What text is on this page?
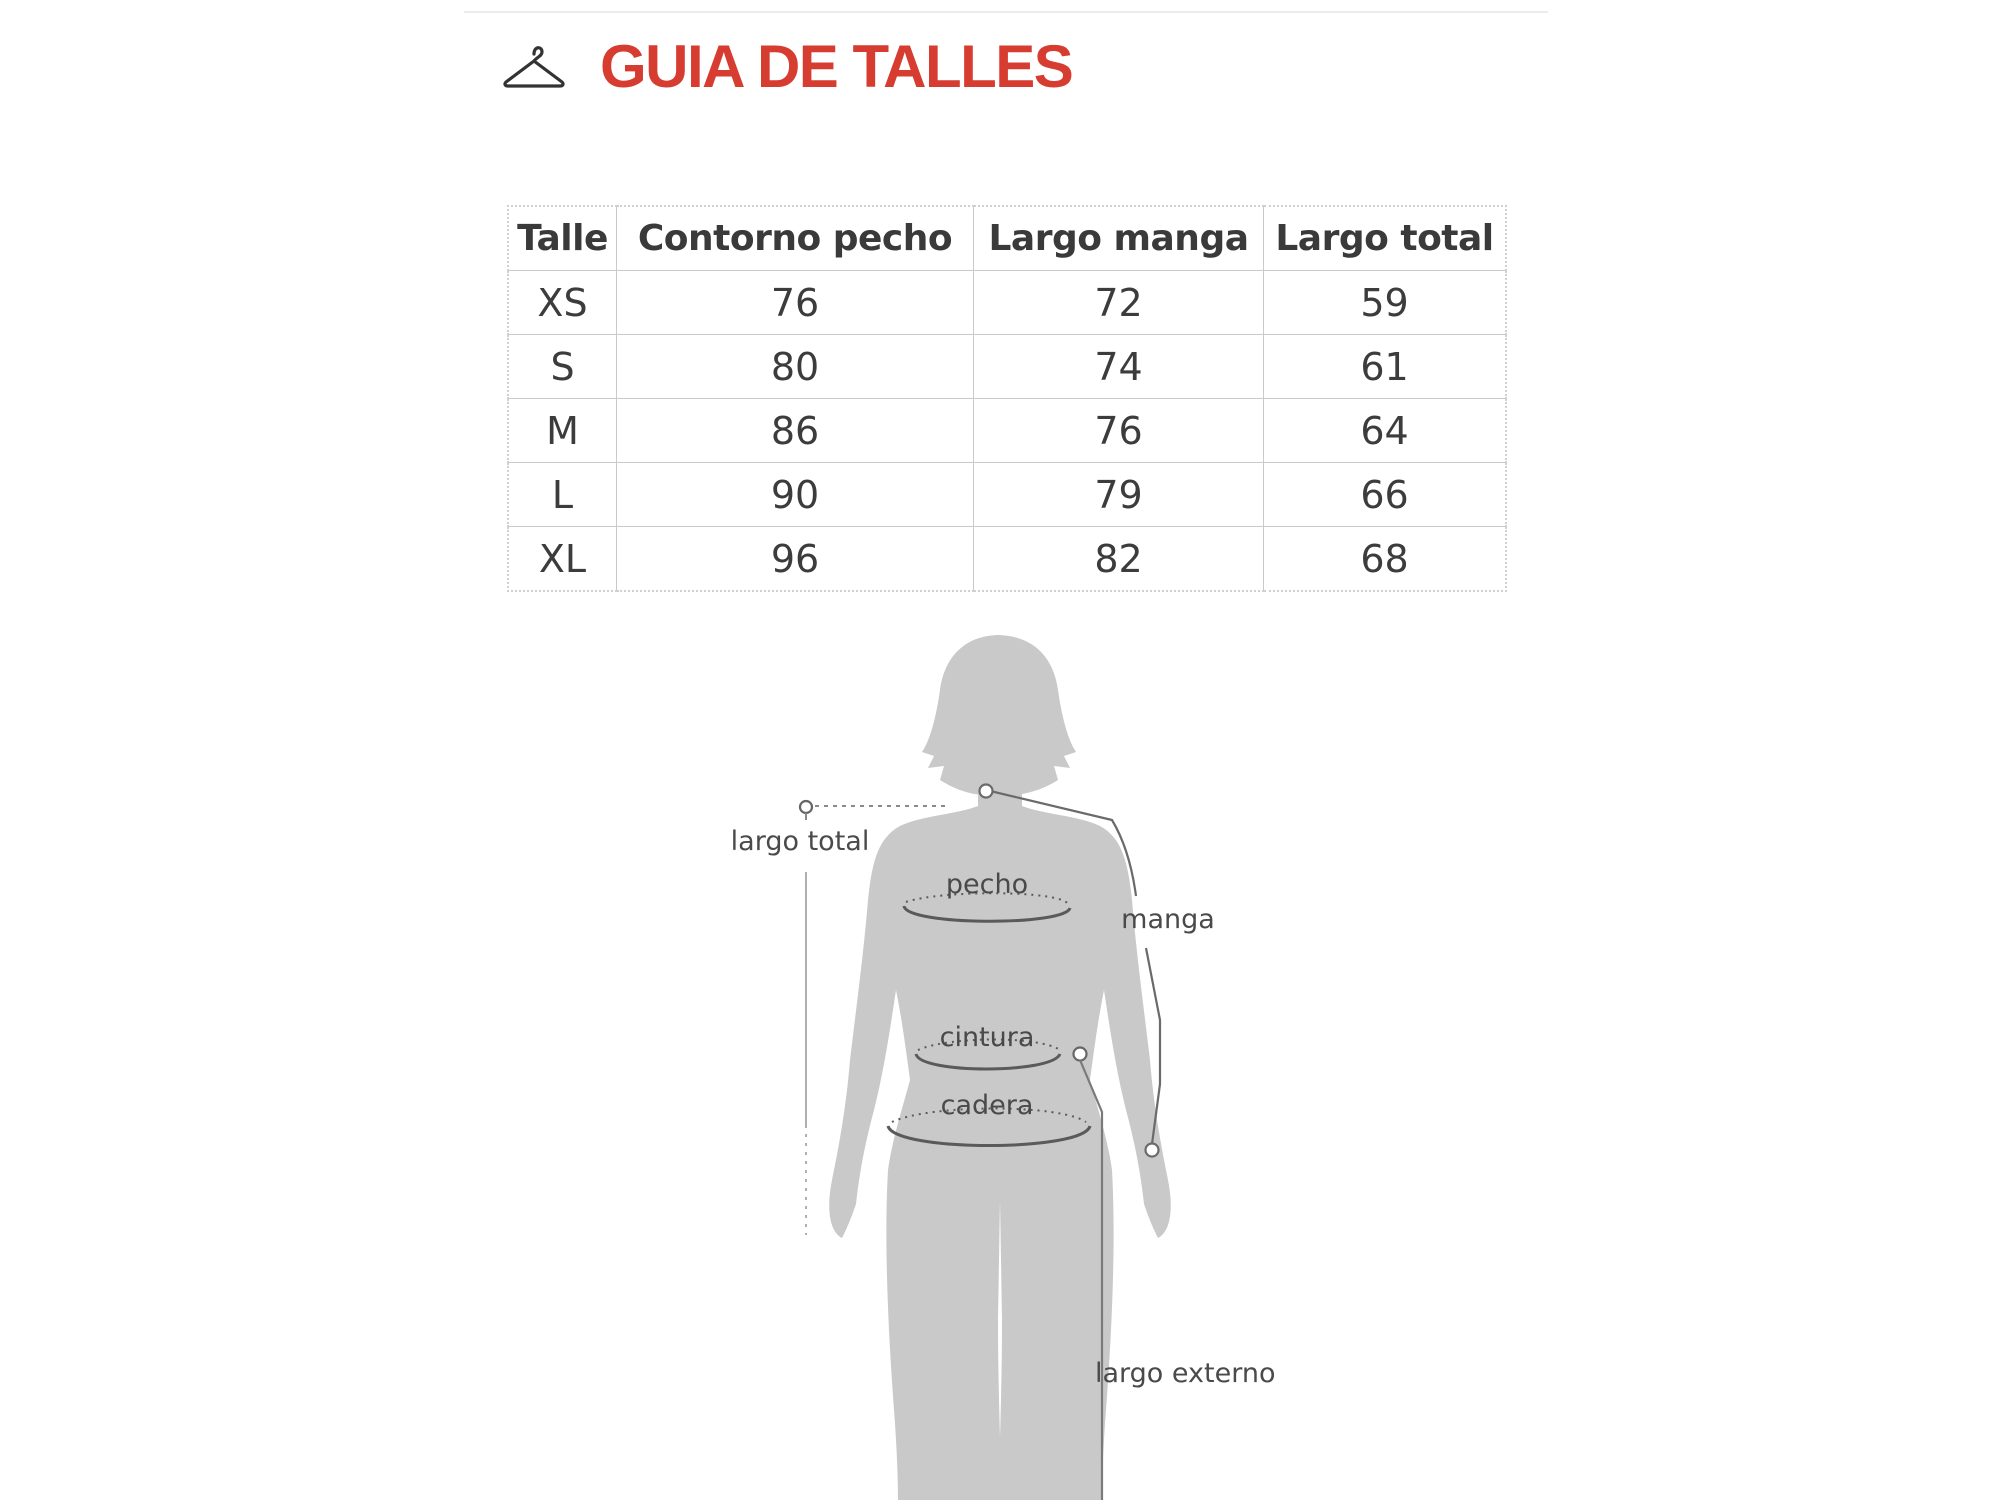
GUIA DE TALLES
Talle	Contorno pecho	Largo manga	Largo total
XS	76	72	59
S	80	74	61
M	86	76	64
L	90	79	66
XL	96	82	68
largo total
manga
pecho
cintura
cadera
largo externo
